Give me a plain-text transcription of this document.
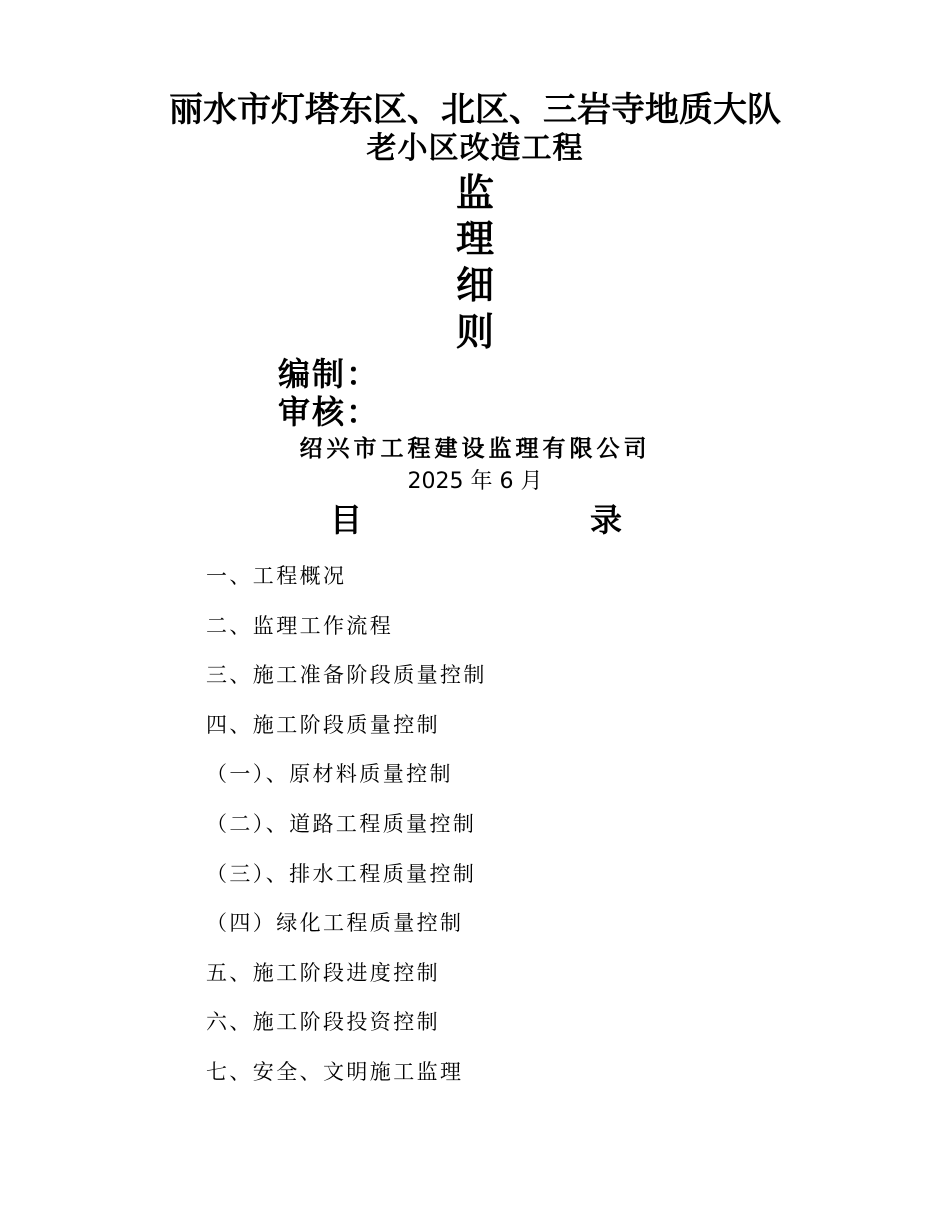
丽水市灯塔东区、北区、三岩寺地质大队
老小区改造工程
监
理
细
则
编制：
审核：
绍兴市工程建设监理有限公司
2025 年 6 月
目	录
一、工程概况
二、监理工作流程
三、施工准备阶段质量控制
四、施工阶段质量控制
（一）、原材料质量控制
（二）、道路工程质量控制
（三）、排水工程质量控制
（四）绿化工程质量控制
五、施工阶段进度控制
六、施工阶段投资控制
七、安全、文明施工监理
